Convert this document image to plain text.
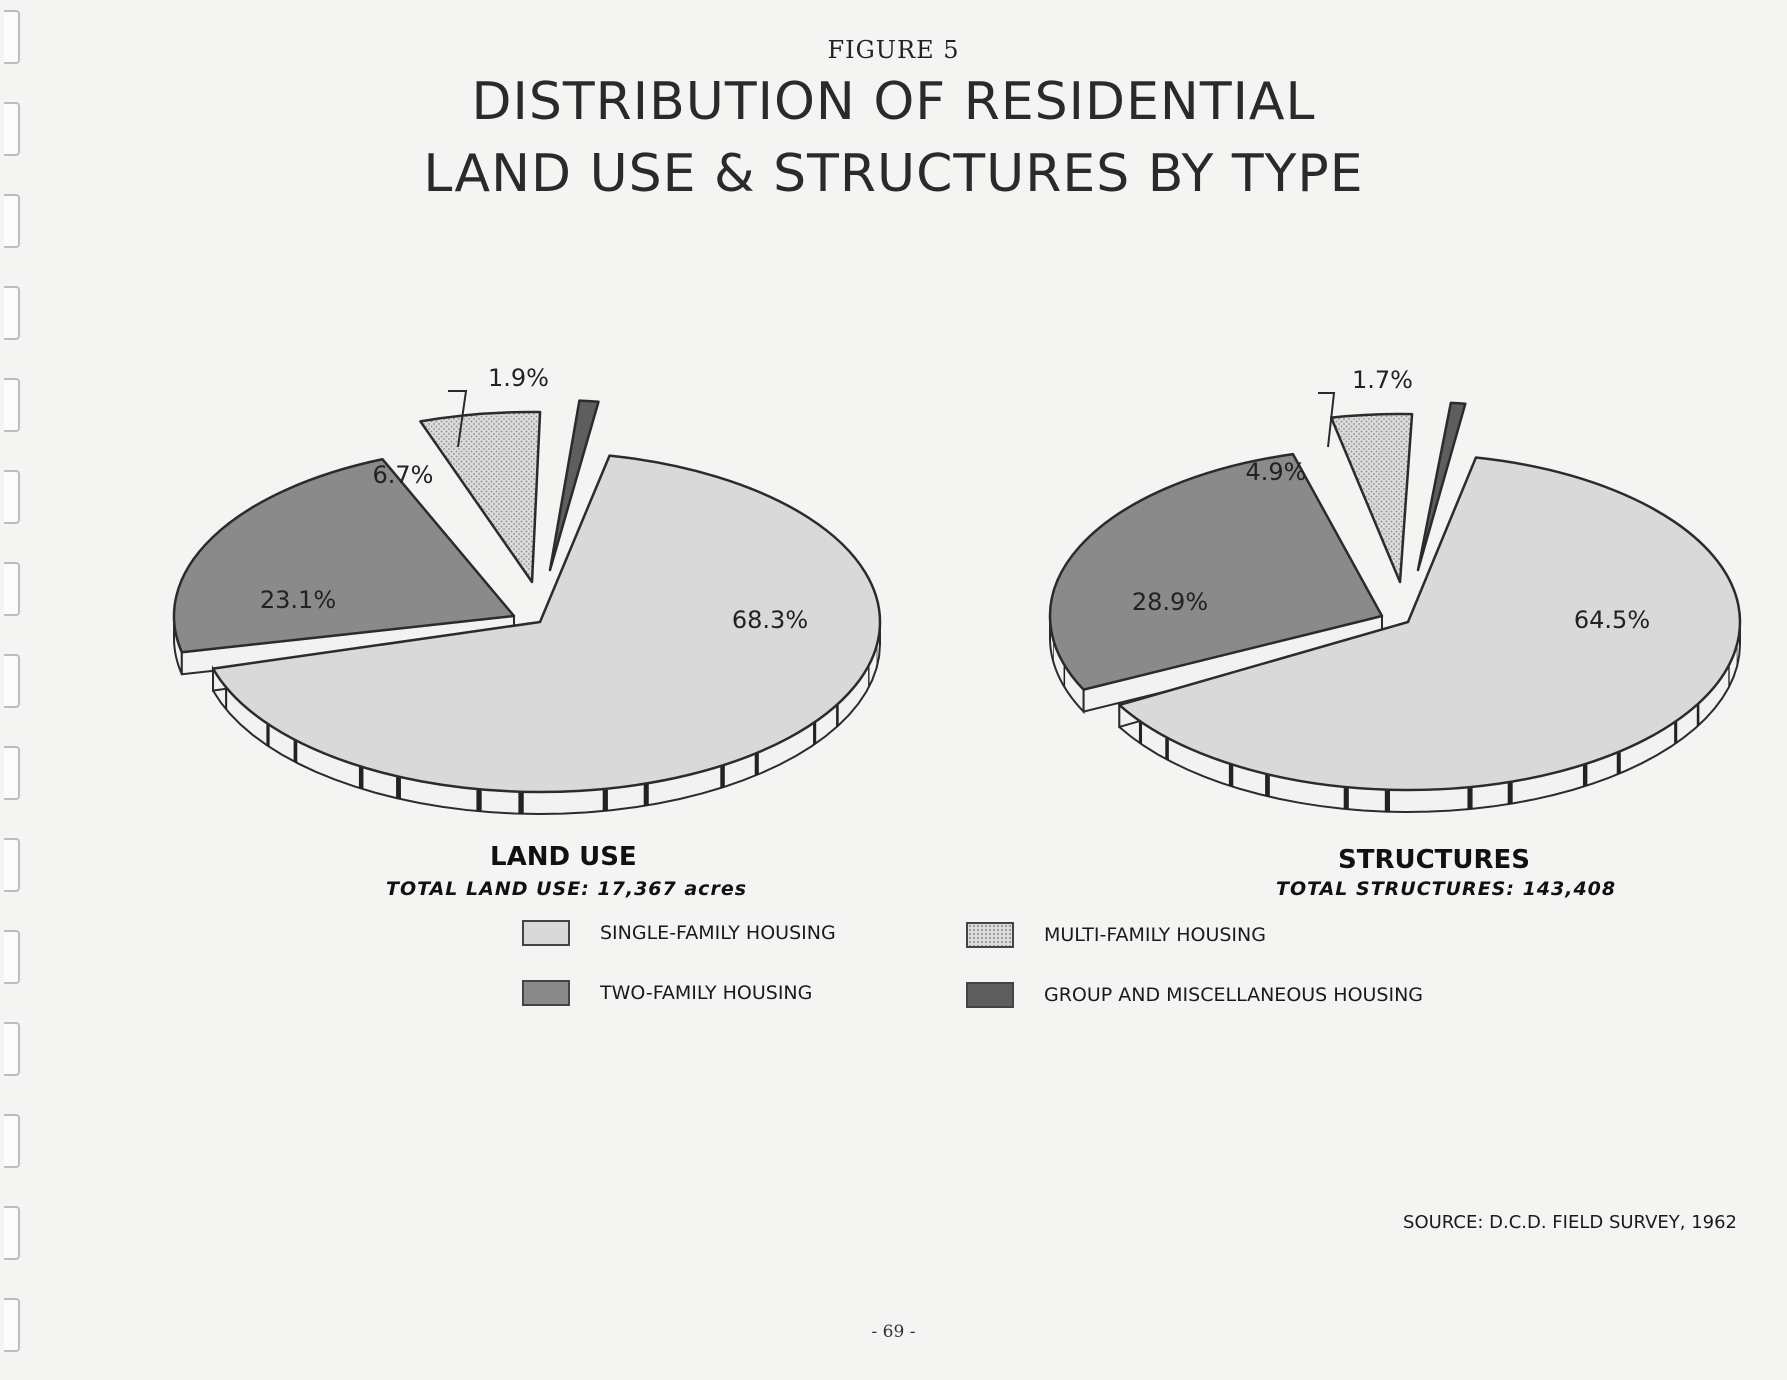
FIGURE 5
DISTRIBUTION OF RESIDENTIAL
LAND USE & STRUCTURES BY TYPE
68.3%
23.1%
6.7%
1.9%
64.5%
28.9%
4.9%
1.7%
LAND USE
TOTAL LAND USE: 17,367 acres
STRUCTURES
TOTAL STRUCTURES: 143,408
SINGLE-FAMILY HOUSING	MULTI-FAMILY HOUSING
TWO-FAMILY HOUSING	GROUP AND MISCELLANEOUS HOUSING
SOURCE: D.C.D. FIELD SURVEY, 1962
- 69 -
